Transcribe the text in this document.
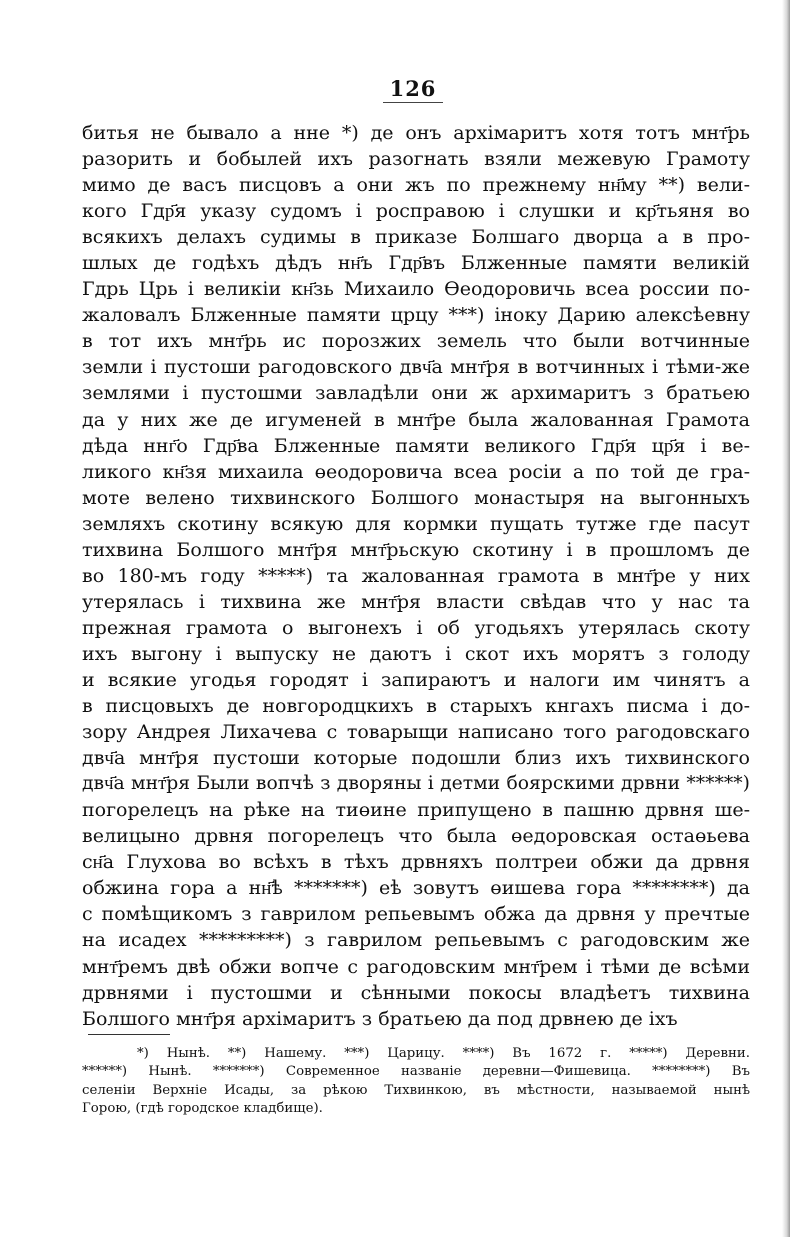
126
битья не бывало а нне *) де онъ архімаритъ хотя тотъ мнт҃рь
разорить и бобылей ихъ разогнать взяли межевую Грамоту
мимо де васъ писцовъ а они жъ по прежнему нн҃му **) вели-
кого Гдр҃я указу судомъ і росправою і слушки и кр҃тьяня во
всякихъ делахъ судимы в приказе Болшаго дворца а в про-
шлых де годѣхъ дѣдъ нн҃ъ Гдр҃въ Блженные памяти великій
Гдрь Црь і великіи кн҃зь Михаило Өеодоровичь всеа россии по-
жаловалъ Блженные памяти црцу ***) іноку Дарию алексѣевну
в тот ихъ мнт҃рь ис порозжих земель что были вотчинные
земли і пустоши рагодовского двч҃а мнт҃ря в вотчинных і тѣми-же
землями і пустошми завладѣли они ж архимаритъ з братьею
да у них же де игуменей в мнт҃ре была жалованная Грамота
дѣда ннг҃о Гдр҃ва Блженные памяти великого Гдр҃я цр҃я і ве-
ликого кн҃зя михаила өеодоровича всеа росіи а по той де гра-
моте велено тихвинского Болшого монастыря на выгонныхъ
земляхъ скотину всякую для кормки пущать тутже где пасут
тихвина Болшого мнт҃ря мнт҃рьскую скотину і в прошломъ де
во 180-мъ году *****) та жалованная грамота в мнт҃ре у них
утерялась і тихвина же мнт҃ря власти свѣдав что у нас та
прежная грамота о выгонехъ і об угодьяхъ утерялась скоту
ихъ выгону і выпуску не даютъ і скот ихъ морятъ з голоду
и всякие угодья городят і запираютъ и налоги им чинятъ а
в писцовыхъ де новгородцкихъ в старыхъ кнгахъ писма і до-
зору Андрея Лихачева с товарыщи написано того рагодовскаго
двч҃а мнт҃ря пустоши которые подошли близ ихъ тихвинского
двч҃а мнт҃ря Были вопчѣ з дворяны і детми боярскими дрвни ******)
погорелецъ на рѣке на тиөине припущено в пашню дрвня ше-
велицыно дрвня погорелецъ что была өедоровская остаөьева
сн҃а Глухова во всѣхъ в тѣхъ дрвняхъ полтреи обжи да дрвня
обжина гора а нн҃ѣ *******) еѣ зовутъ өишева гора ********) да
с помѣщикомъ з гаврилом репьевымъ обжа да дрвня у пречтые
на исадех *********) з гаврилом репьевымъ с рагодовским же
мнт҃ремъ двѣ обжи вопче с рагодовским мнт҃рем і тѣми де всѣми
дрвнями і пустошми и сѣнными покосы владѣетъ тихвина
Болшого мнт҃ря архімаритъ з братьею да под дрвнею де іхъ
*) Нынѣ. **) Нашему. ***) Царицу. ****) Въ 1672 г. *****) Деревни.
******) Нынѣ. *******) Современное названіе деревни—Фишевица. ********) Въ
селеніи Верхніе Исады, за рѣкою Тихвинкою, въ мѣстности, называемой нынѣ
Горою, (гдѣ городское кладбище).
